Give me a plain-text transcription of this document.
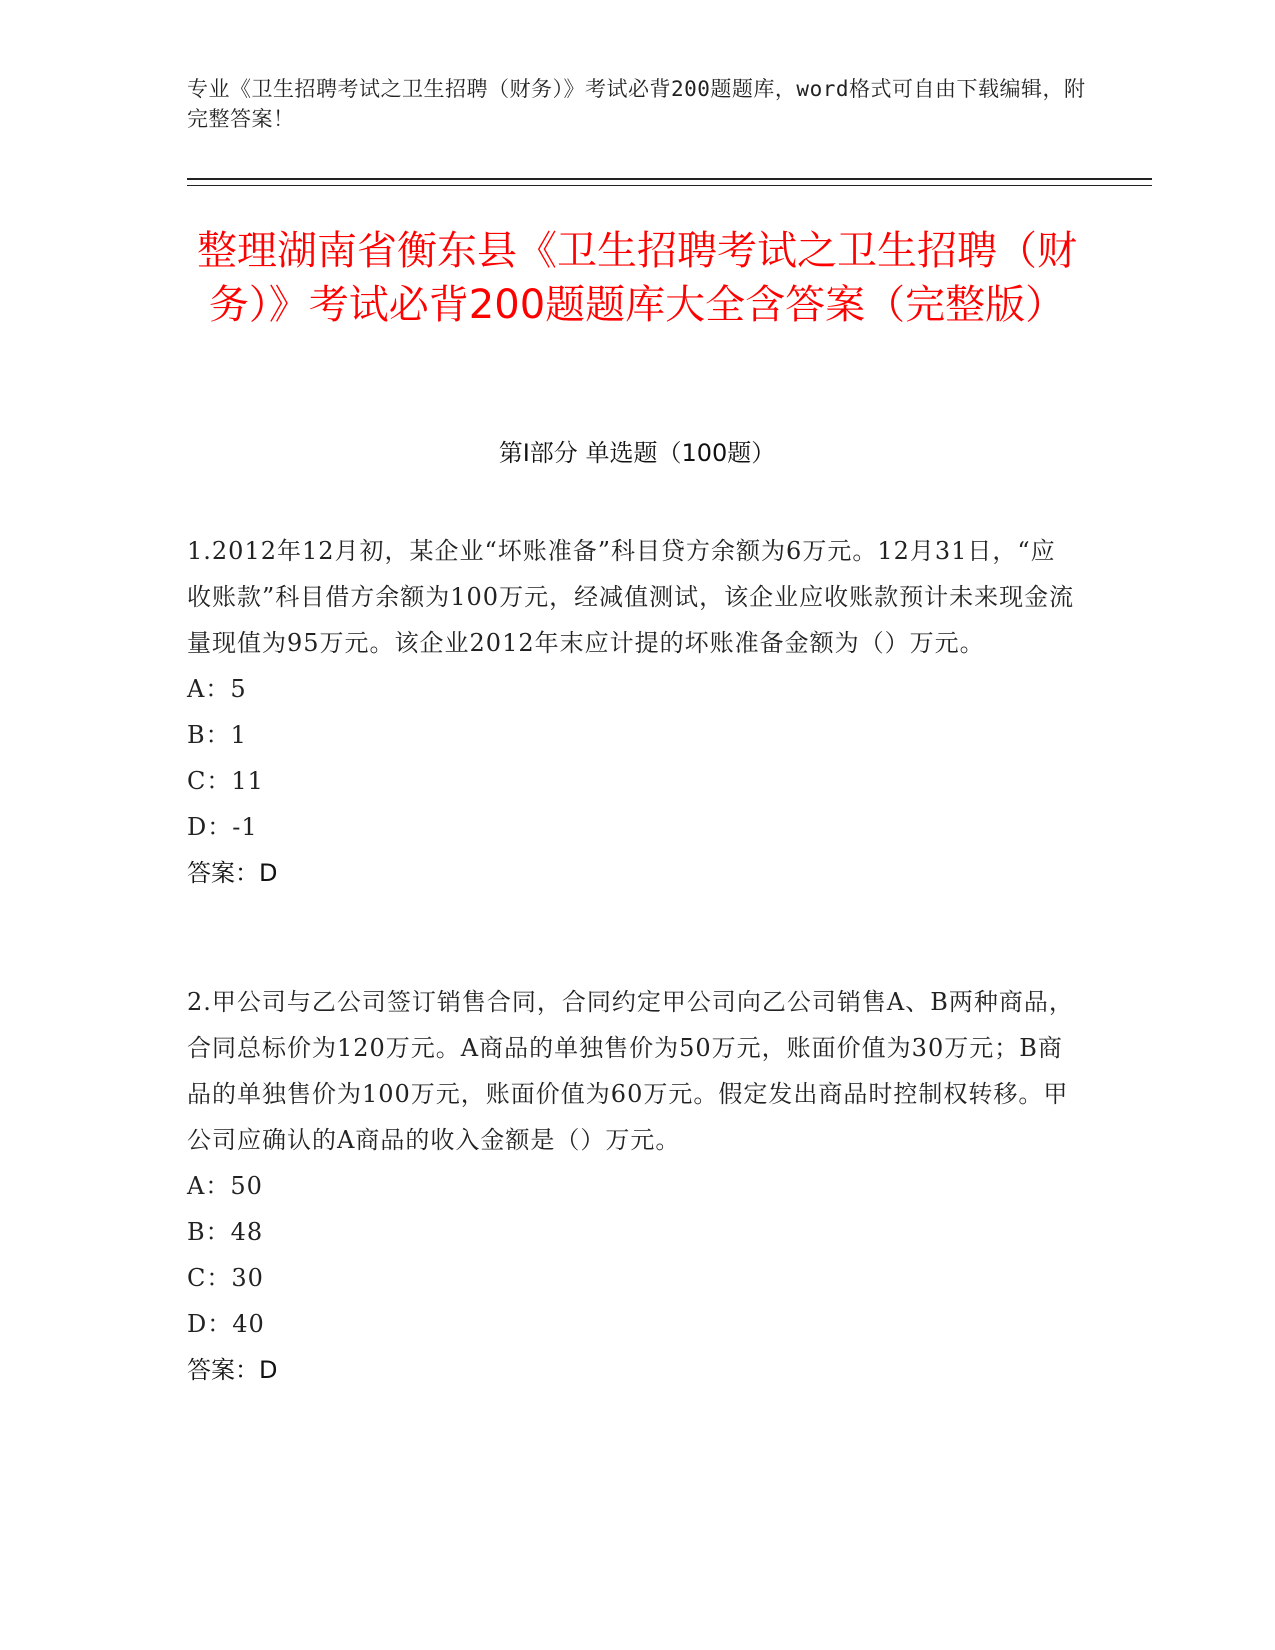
专业《卫生招聘考试之卫生招聘（财务）》考试必背200题题库，word格式可自由下载编辑，附完整答案！
整理湖南省衡东县《卫生招聘考试之卫生招聘（财务）》考试必背200题题库大全含答案（完整版）
第I部分 单选题（100题）

1.2012年12月初，某企业“坏账准备”科目贷方余额为6万元。12月31日，“应收账款”科目借方余额为100万元，经减值测试，该企业应收账款预计未来现金流量现值为95万元。该企业2012年末应计提的坏账准备金额为（）万元。

A：5

B：1

C：11

D：-1

答案：D

2.甲公司与乙公司签订销售合同，合同约定甲公司向乙公司销售A、B两种商品，合同总标价为120万元。A商品的单独售价为50万元，账面价值为30万元；B商品的单独售价为100万元，账面价值为60万元。假定发出商品时控制权转移。甲公司应确认的A商品的收入金额是（）万元。

A：50

B：48

C：30

D：40

答案：D
